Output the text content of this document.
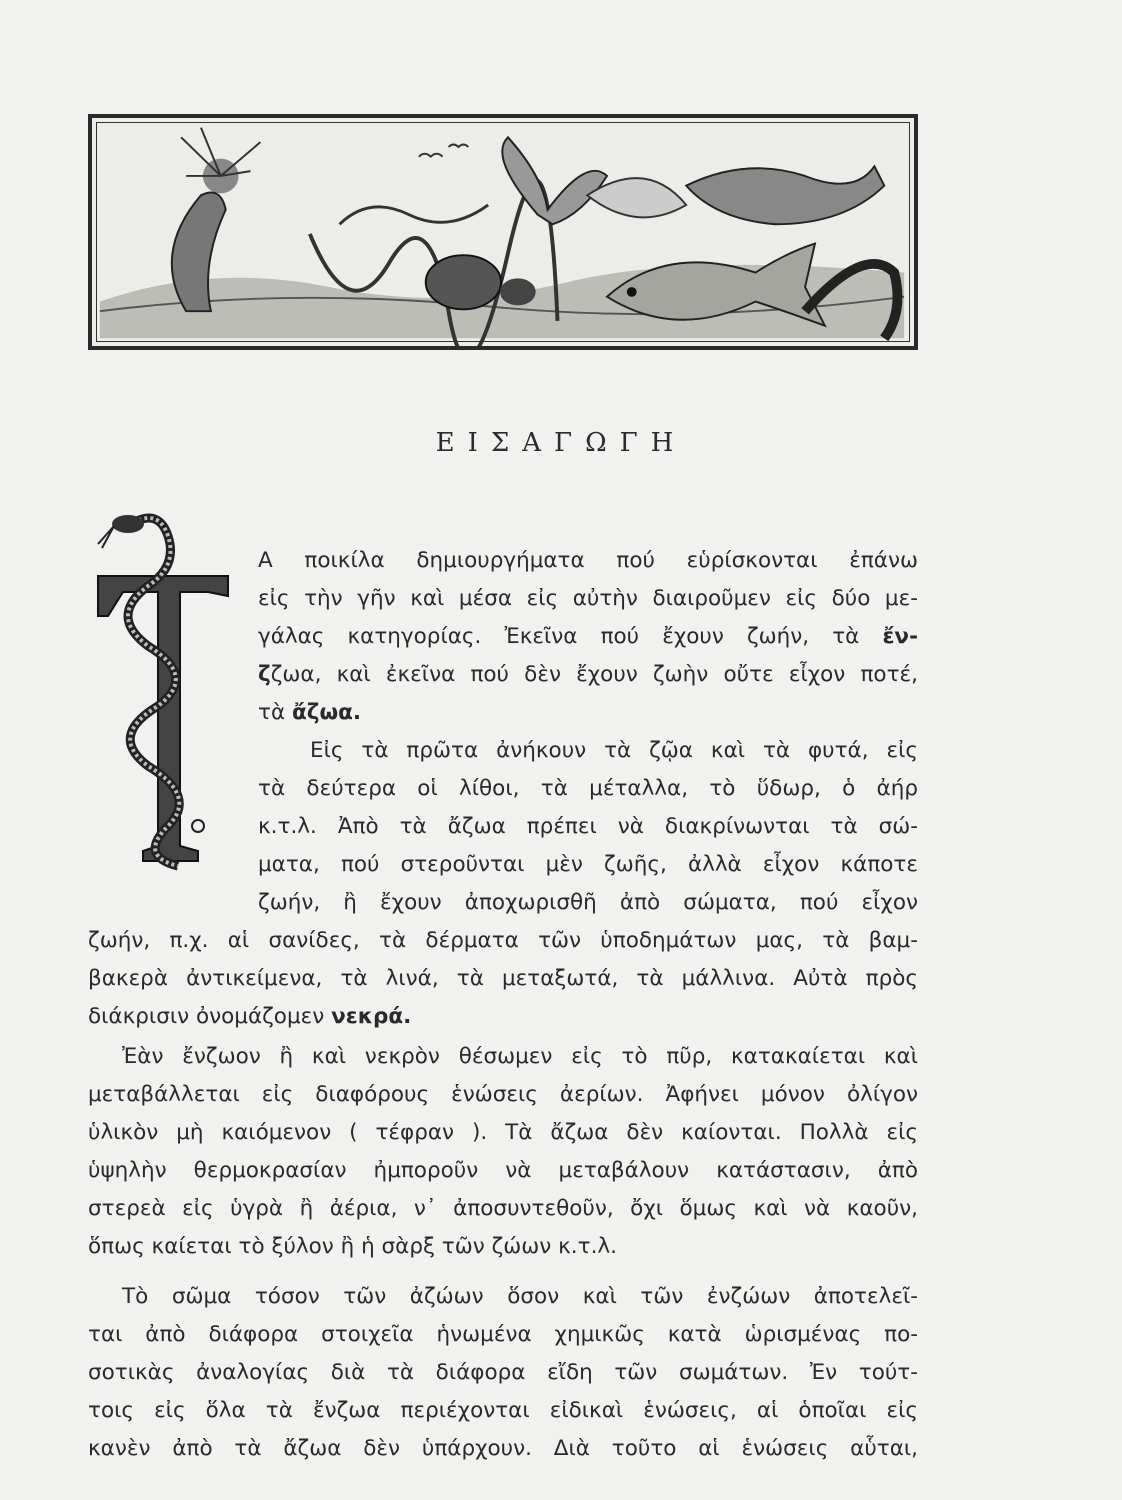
ΕΙΣΑΓΩΓΗ
Α ποικίλα δημιουργήματα πού εὑρίσκονται ἐπάνω
εἰς τὴν γῆν καὶ μέσα εἰς αὐτὴν διαιροῦμεν εἰς δύο με-
γάλας κατηγορίας. Ἐκεῖνα πού ἔχουν ζωήν, τὰ ἔν-
ζζωα, καὶ ἐκεῖνα πού δὲν ἔχουν ζωὴν οὔτε εἶχον ποτέ,
τὰ ἄζωα.
Εἰς τὰ πρῶτα ἀνήκουν τὰ ζῷα καὶ τὰ φυτά, εἰς
τὰ δεύτερα οἱ λίθοι, τὰ μέταλλα, τὸ ὕδωρ, ὁ ἀήρ
κ.τ.λ. Ἀπὸ τὰ ἄζωα πρέπει νὰ διακρίνωνται τὰ σώ-
ματα, πού στεροῦνται μὲν ζωῆς, ἀλλὰ εἶχον κάποτε
ζωήν, ἢ ἔχουν ἀποχωρισθῆ ἀπὸ σώματα, πού εἶχον
ζωήν, π.χ. αἱ σανίδες, τὰ δέρματα τῶν ὑποδημάτων μας, τὰ βαμ-
βακερὰ ἀντικείμενα, τὰ λινά, τὰ μεταξωτά, τὰ μάλλινα. Αὐτὰ πρὸς
διάκρισιν ὀνομάζομεν νεκρά.
Ἐὰν ἔνζωον ἢ καὶ νεκρὸν θέσωμεν εἰς τὸ πῦρ, κατακαίεται καὶ
μεταβάλλεται εἰς διαφόρους ἑνώσεις ἀερίων. Ἀφήνει μόνον ὀλίγον
ὑλικὸν μὴ καιόμενον ( τέφραν ). Τὰ ἄζωα δὲν καίονται. Πολλὰ εἰς
ὑψηλὴν θερμοκρασίαν ἠμποροῦν νὰ μεταβάλουν κατάστασιν, ἀπὸ
στερεὰ εἰς ὑγρὰ ἢ ἀέρια, ν᾽ ἀποσυντεθοῦν, ὄχι ὅμως καὶ νὰ καοῦν,
ὅπως καίεται τὸ ξύλον ἢ ἡ σὰρξ τῶν ζώων κ.τ.λ.
Τὸ σῶμα τόσον τῶν ἀζώων ὅσον καὶ τῶν ἐνζώων ἀποτελεῖ-
ται ἀπὸ διάφορα στοιχεῖα ἡνωμένα χημικῶς κατὰ ὡρισμένας πο-
σοτικὰς ἀναλογίας διὰ τὰ διάφορα εἴδη τῶν σωμάτων. Ἐν τούτ-
τοις εἰς ὅλα τὰ ἔνζωα περιέχονται εἰδικαὶ ἑνώσεις, αἱ ὁποῖαι εἰς
κανὲν ἀπὸ τὰ ἄζωα δὲν ὑπάρχουν. Διὰ τοῦτο αἱ ἑνώσεις αὗται,
